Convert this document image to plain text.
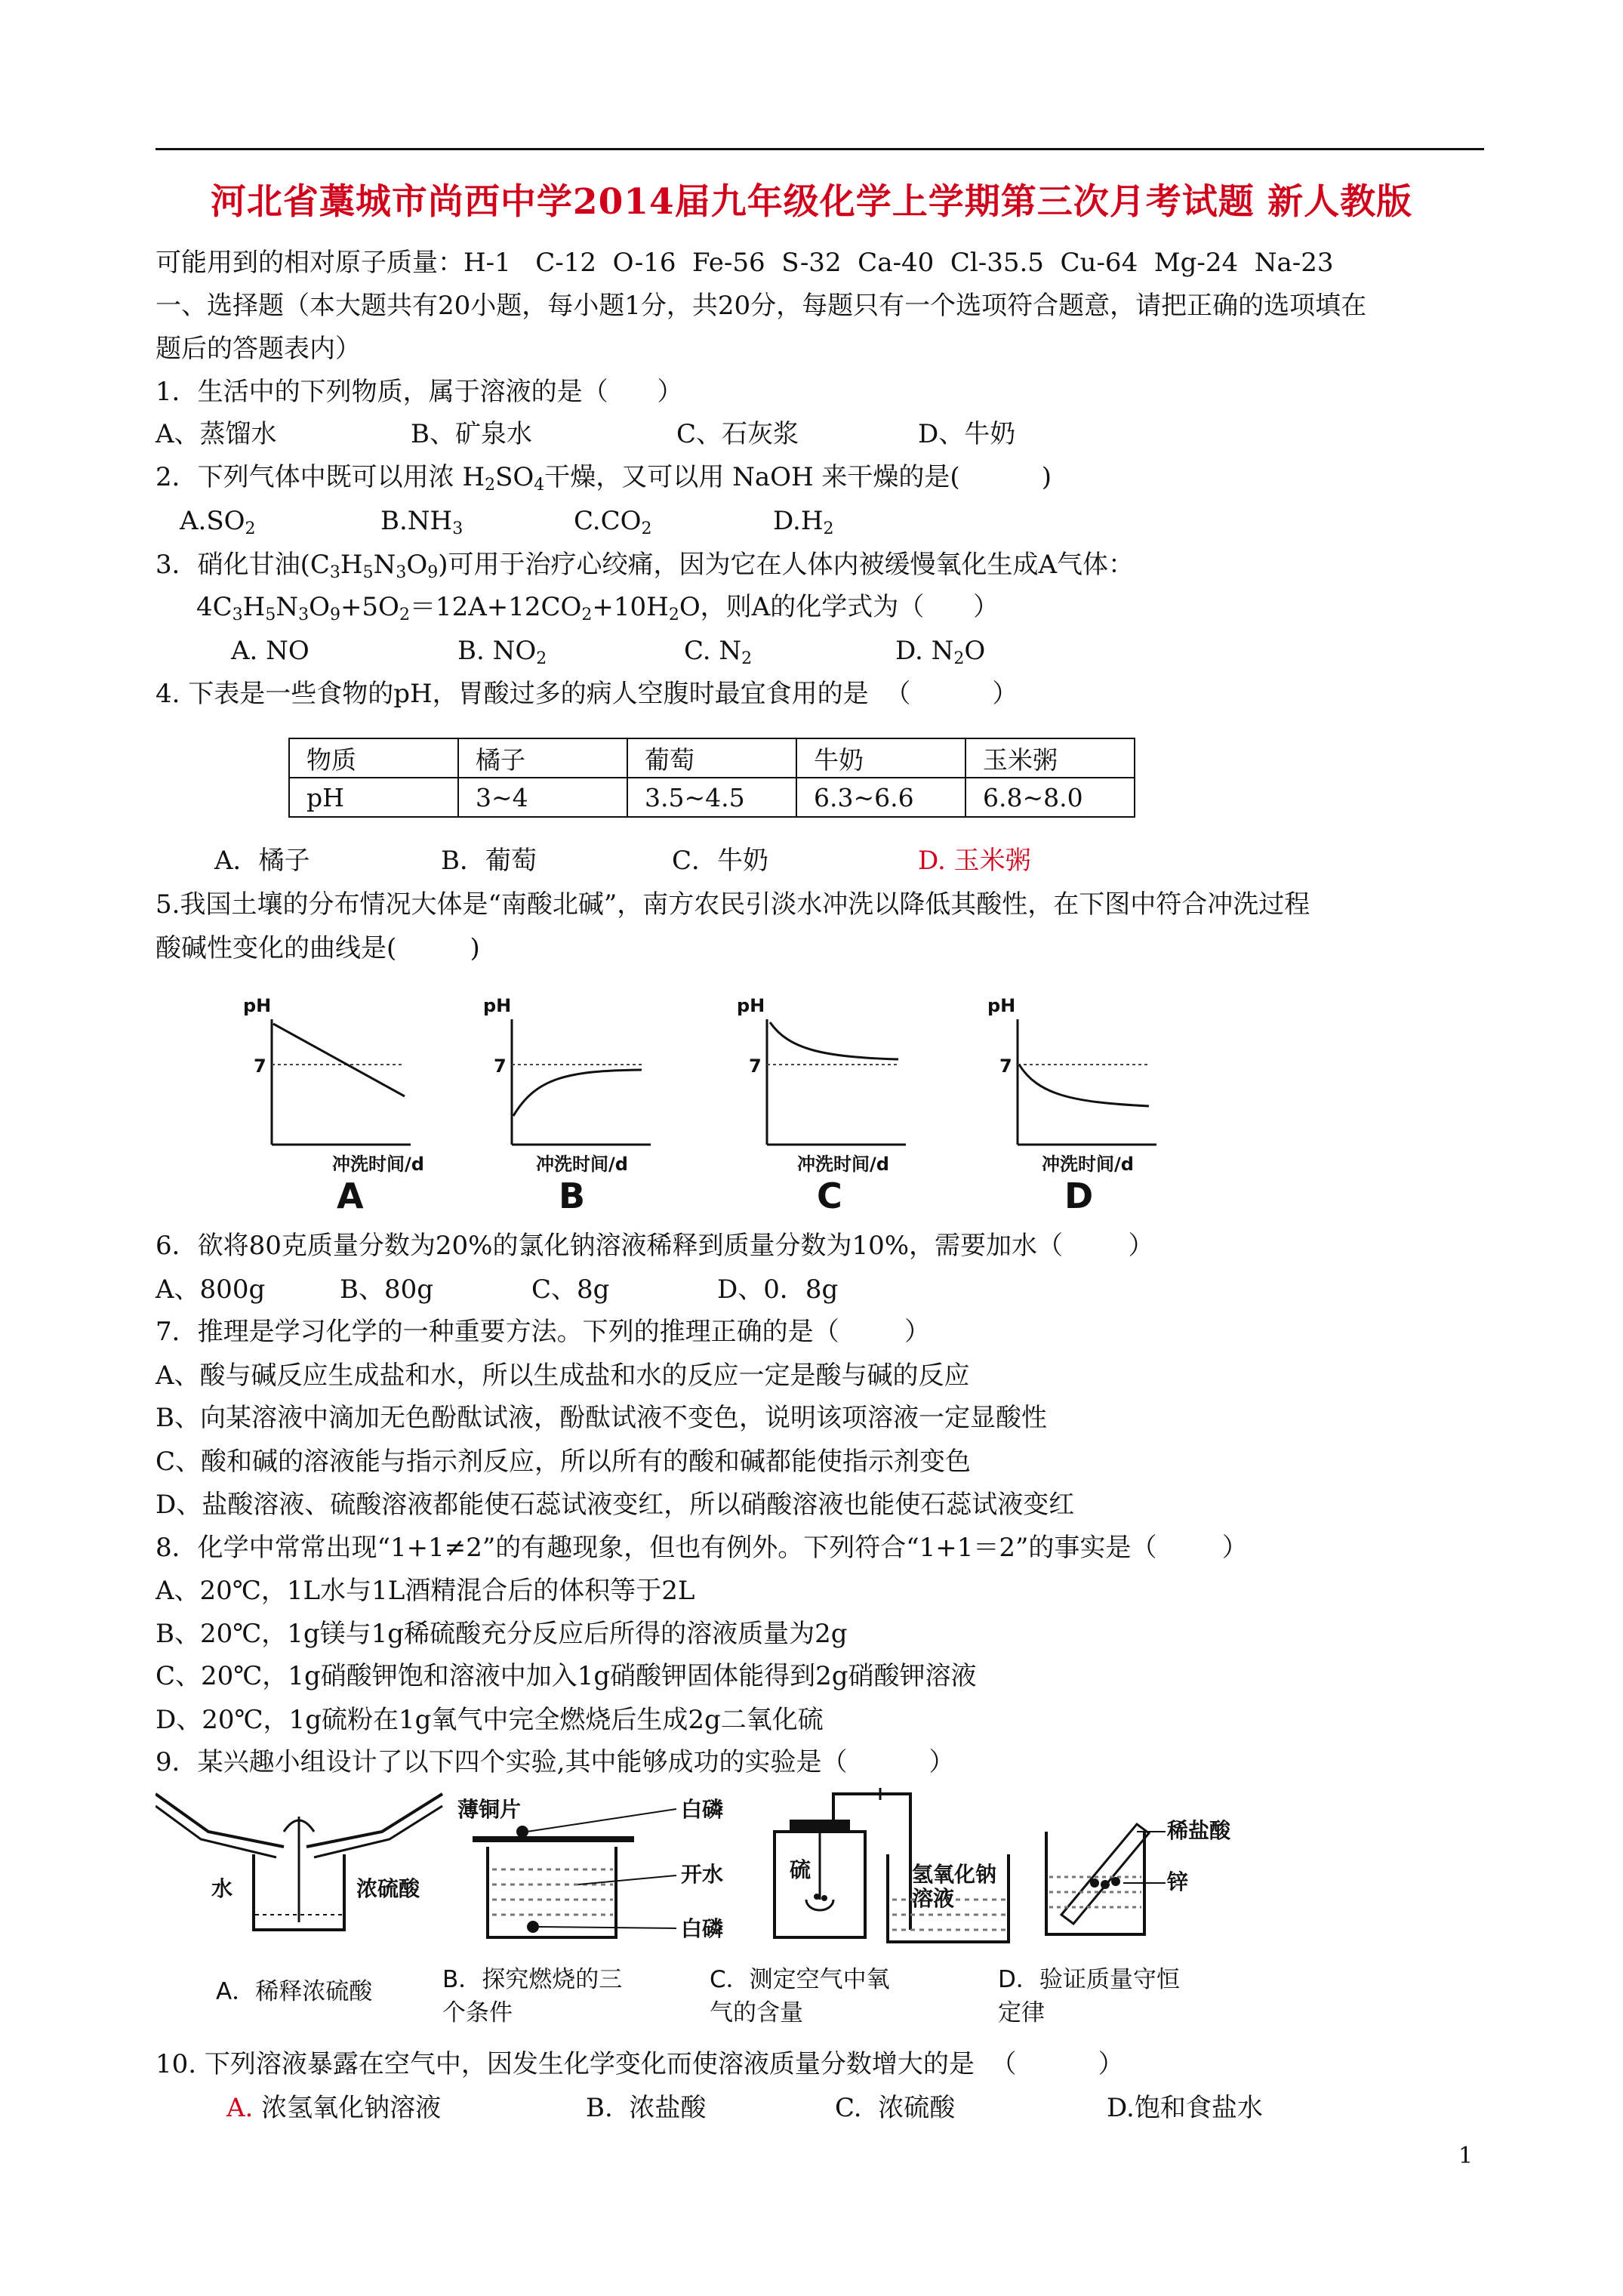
河北省藁城市尚西中学2014届九年级化学上学期第三次月考试题 新人教版
可能用到的相对原子质量：H-1   C-12  O-16  Fe-56  S-32  Ca-40  Cl-35.5  Cu-64  Mg-24  Na-23
一、选择题（本大题共有20小题，每小题1分，共20分，每题只有一个选项符合题意，请把正确的选项填在
题后的答题表内）
1．生活中的下列物质，属于溶液的是（      ）
A、蒸馏水	B、矿泉水	C、石灰浆	D、牛奶
2．下列气体中既可以用浓 $H_2SO_4$干燥，又可以用 NaOH 来干燥的是(          )
$A.SO_2$	$B.NH_3$	$C.CO_2$	$D.H_2$
3．硝化甘油$(C_3H_5N_3O_9)$可用于治疗心绞痛，因为它在人体内被缓慢氧化生成A气体：
$4C_3H_5N_3O_9+5O_2=12A+12CO_2+10H_2O$，则A的化学式为（      ）
A. NO	B. $NO_2$	C. $N_2$	D. $N_2O$
4. 下表是一些食物的pH，胃酸过多的病人空腹时最宜食用的是  （          ）
物质	橘子	葡萄	牛奶	玉米粥
pH	3~4	3.5~4.5	6.3~6.6	6.8~8.0
A．橘子	B．葡萄	C．牛奶	D. 玉米粥
5.我国土壤的分布情况大体是“南酸北碱”，南方农民引淡水冲洗以降低其酸性，在下图中符合冲洗过程
酸碱性变化的曲线是(         )
pH
7
冲洗时间/d
A
pH
7
冲洗时间/d
B
pH
7
冲洗时间/d
C
pH
7
冲洗时间/d
D
6．欲将80克质量分数为20%的氯化钠溶液稀释到质量分数为10%，需要加水（        ）
A、800g	B、80g	C、8g	D、0．8g
7．推理是学习化学的一种重要方法。下列的推理正确的是（        ）
A、酸与碱反应生成盐和水，所以生成盐和水的反应一定是酸与碱的反应
B、向某溶液中滴加无色酚酞试液，酚酞试液不变色，说明该项溶液一定显酸性
C、酸和碱的溶液能与指示剂反应，所以所有的酸和碱都能使指示剂变色
D、盐酸溶液、硫酸溶液都能使石蕊试液变红，所以硝酸溶液也能使石蕊试液变红
8．化学中常常出现“1+1≠2”的有趣现象，但也有例外。下列符合“1+1＝2”的事实是（        ）
A、20℃，1L水与1L酒精混合后的体积等于2L
B、20℃，1g镁与1g稀硫酸充分反应后所得的溶液质量为2g
C、20℃，1g硝酸钾饱和溶液中加入1g硝酸钾固体能得到2g硝酸钾溶液
D、20℃，1g硫粉在1g氧气中完全燃烧后生成2g二氧化硫
9．某兴趣小组设计了以下四个实验,其中能够成功的实验是（          ）
水	浓硫酸
薄铜片	白磷
开水
白磷
硫	氢氧化钠
溶液
稀盐酸
锌
A．稀释浓硫酸	B．探究燃烧的三
个条件
C．测定空气中氧
气的含量
D．验证质量守恒
定律
10. 下列溶液暴露在空气中，因发生化学变化而使溶液质量分数增大的是  （          ）
A. 浓氢氧化钠溶液	B.  浓盐酸	C.  浓硫酸	D.饱和食盐水
1
